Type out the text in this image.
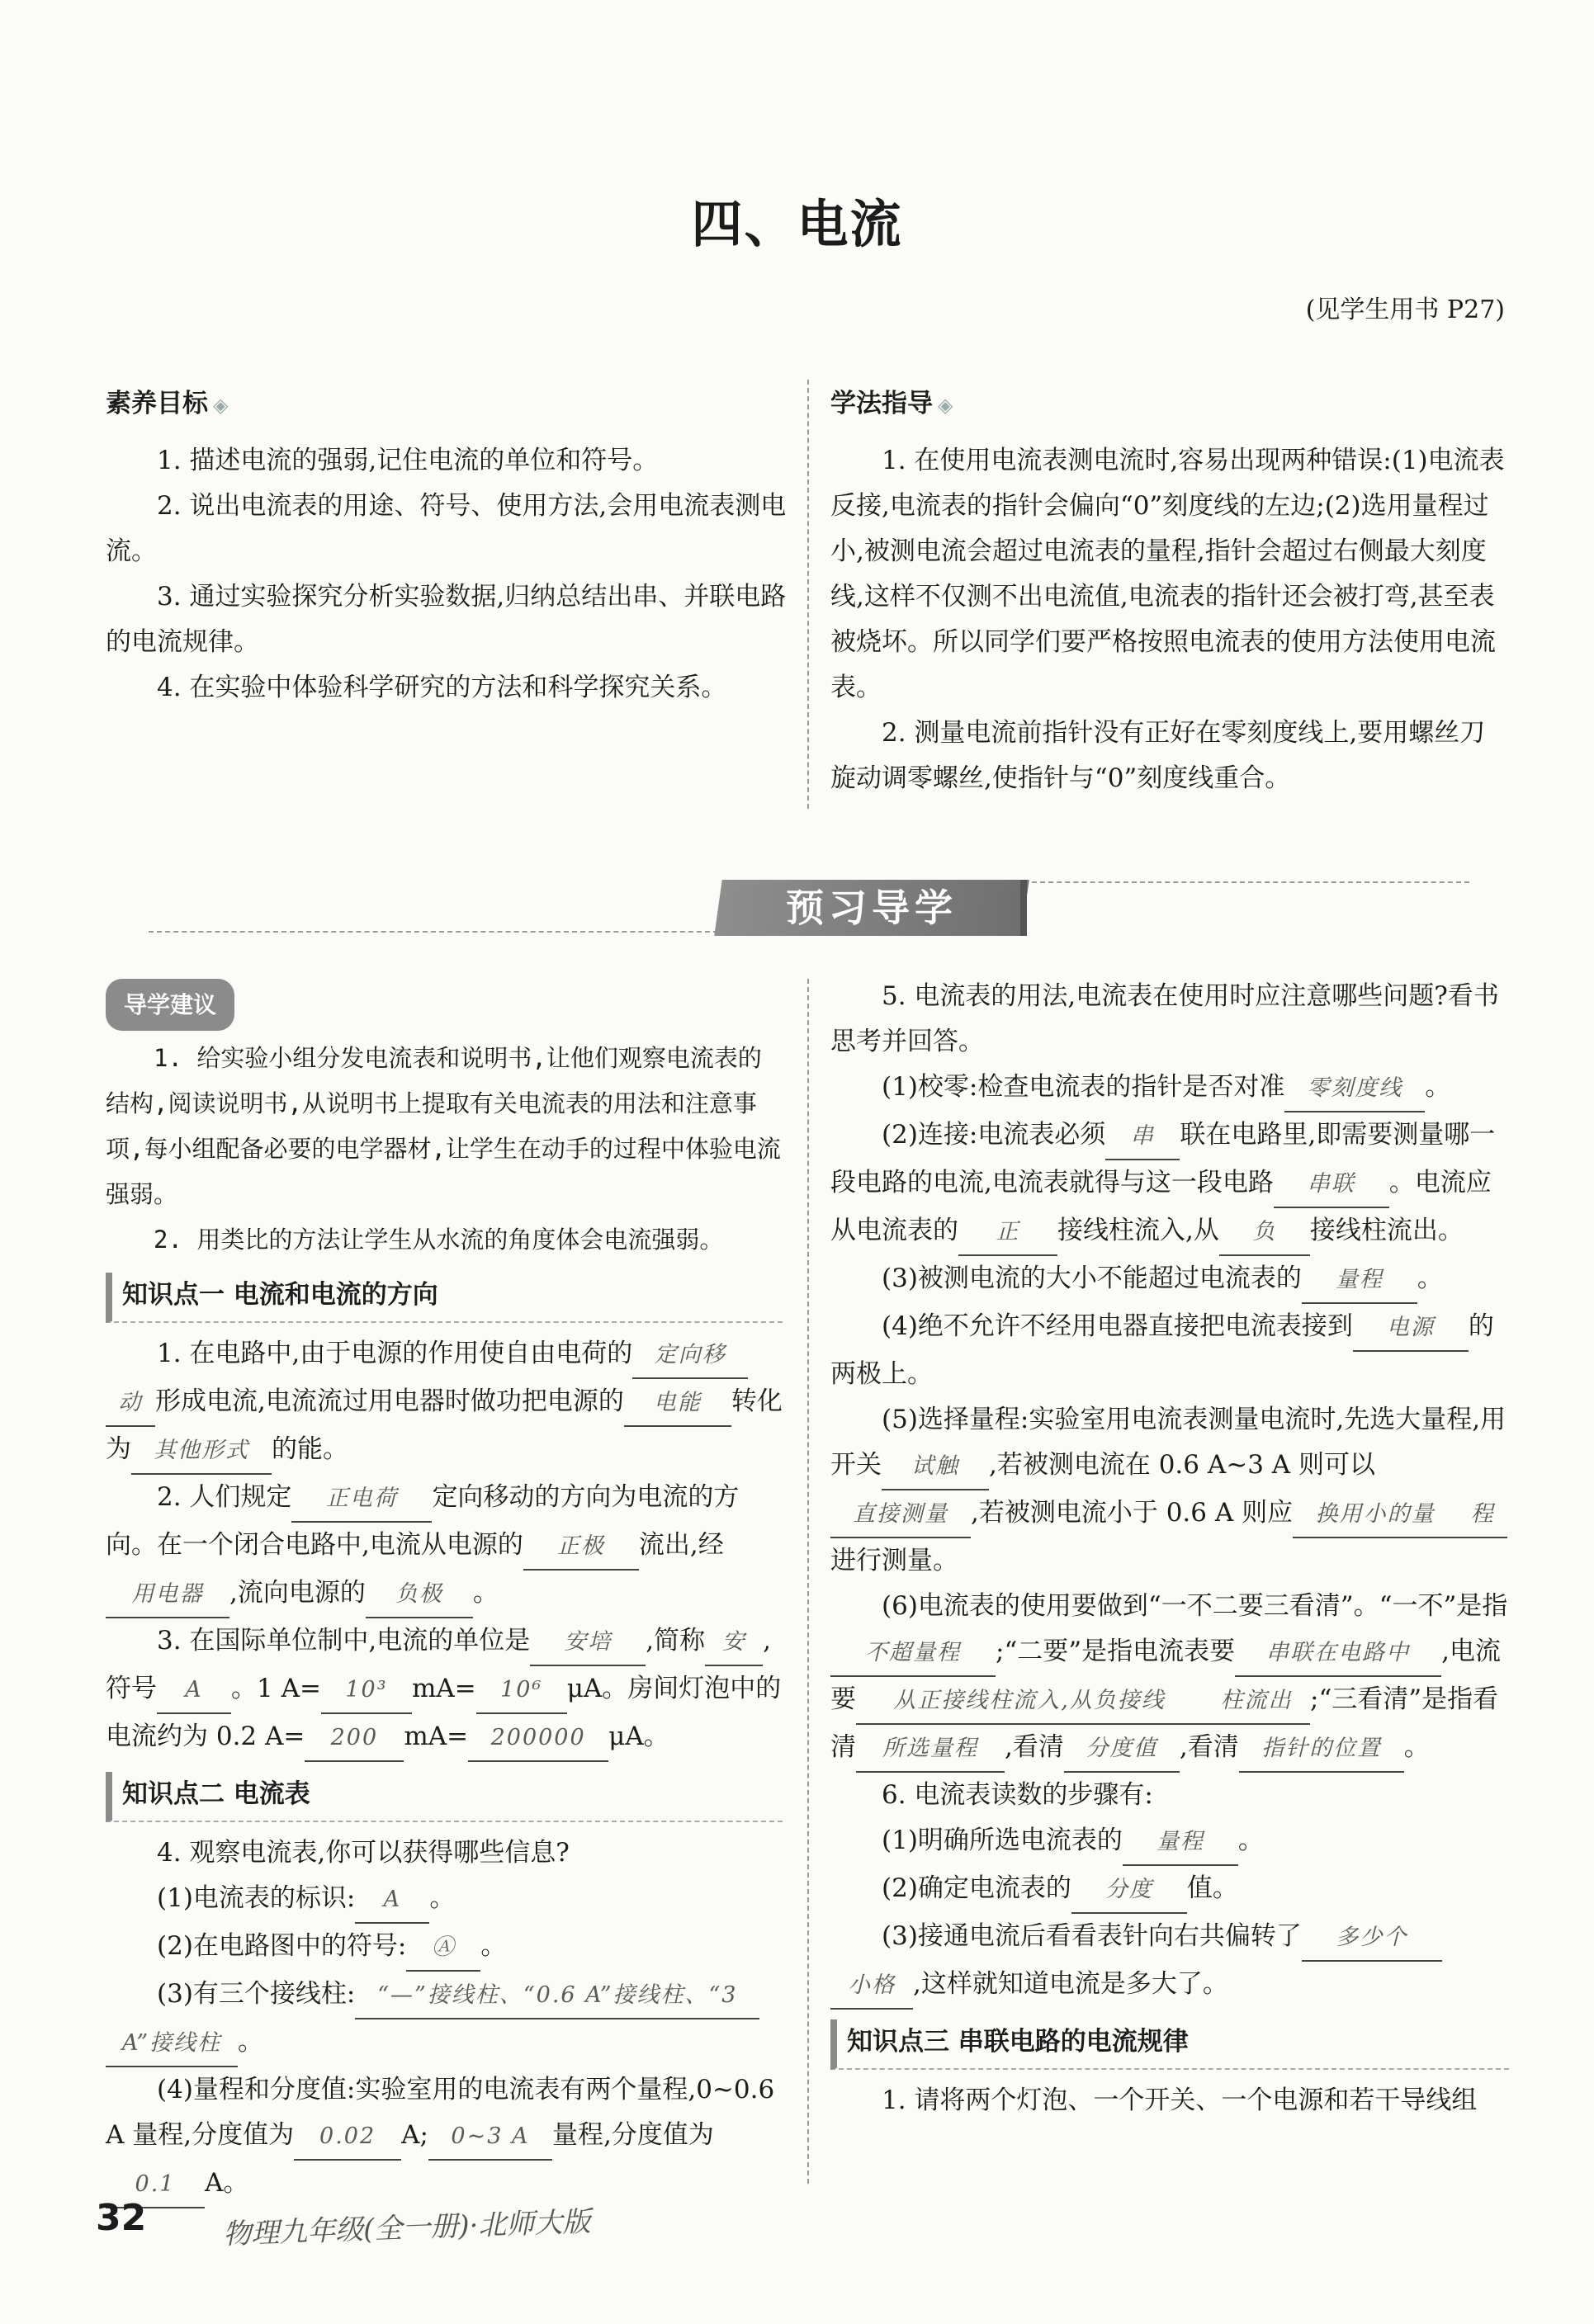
四、电流
(见学生用书 P27)
素养目标 ◈

1. 描述电流的强弱,记住电流的单位和符号。

2. 说出电流表的用途、符号、使用方法,会用电流表测电流。

3. 通过实验探究分析实验数据,归纳总结出串、并联电路的电流规律。

4. 在实验中体验科学研究的方法和科学探究关系。

学法指导 ◈

1. 在使用电流表测电流时,容易出现两种错误:(1)电流表反接,电流表的指针会偏向“0”刻度线的左边;(2)选用量程过小,被测电流会超过电流表的量程,指针会超过右侧最大刻度线,这样不仅测不出电流值,电流表的指针还会被打弯,甚至表被烧坏。所以同学们要严格按照电流表的使用方法使用电流表。

2. 测量电流前指针没有正好在零刻度线上,要用螺丝刀旋动调零螺丝,使指针与“0”刻度线重合。

预习导学
导学建议

1. 给实验小组分发电流表和说明书,让他们观察电流表的结构,阅读说明书,从说明书上提取有关电流表的用法和注意事项,每小组配备必要的电学器材,让学生在动手的过程中体验电流强弱。

2. 用类比的方法让学生从水流的角度体会电流强弱。

知识点一 电流和电流的方向

1. 在电路中,由于电源的作用使自由电荷的 定向移动 形成电流,电流流过用电器时做功把电源的 电能 转化为 其他形式 的能。

2. 人们规定 正电荷 定向移动的方向为电流的方向。在一个闭合电路中,电流从电源的 正极 流出,经用电器 ,流向电源的 负极 。

3. 在国际单位制中,电流的单位是 安培 ,简称 安 ,符号 A 。1 A= 10³ mA= 10⁶ μA。房间灯泡中的电流约为 0.2 A= 200 mA= 200000 μA。

知识点二 电流表

4. 观察电流表,你可以获得哪些信息?

(1)电流表的标识: A 。

(2)在电路图中的符号: Ⓐ 。

(3)有三个接线柱: “—”接线柱、“0.6 A”接线柱、“3A”接线柱 。

(4)量程和分度值:实验室用的电流表有两个量程,0~0.6 A 量程,分度值为 0.02 A; 0~3 A 量程,分度值为0.1 A。

5. 电流表的用法,电流表在使用时应注意哪些问题?看书思考并回答。

(1)校零:检查电流表的指针是否对准 零刻度线 。

(2)连接:电流表必须 串 联在电路里,即需要测量哪一段电路的电流,电流表就得与这一段电路 串联 。电流应从电流表的 正 接线柱流入,从 负 接线柱流出。

(3)被测电流的大小不能超过电流表的 量程 。

(4)绝不允许不经用电器直接把电流表接到 电源 的两极上。

(5)选择量程:实验室用电流表测量电流时,先选大量程,用开关 试触 ,若被测电流在 0.6 A~3 A 则可以直接测量 ,若被测电流小于 0.6 A 则应 换用小的量 程进行测量。

(6)电流表的使用要做到“一不二要三看清”。“一不”是指不超量程 ;“二要”是指电流表要 串联在电路中 ,电流要 从正接线柱流入,从负接线 柱流出 ;“三看清”是指看清 所选量程 ,看清 分度值 ,看清 指针的位置 。

6. 电流表读数的步骤有:

(1)明确所选电流表的 量程 。

(2)确定电流表的 分度 值。

(3)接通电流后看看表针向右共偏转了 多少个小格 ,这样就知道电流是多大了。

知识点三 串联电路的电流规律

1. 请将两个灯泡、一个开关、一个电源和若干导线组

32	物理九年级(全一册)·北师大版
